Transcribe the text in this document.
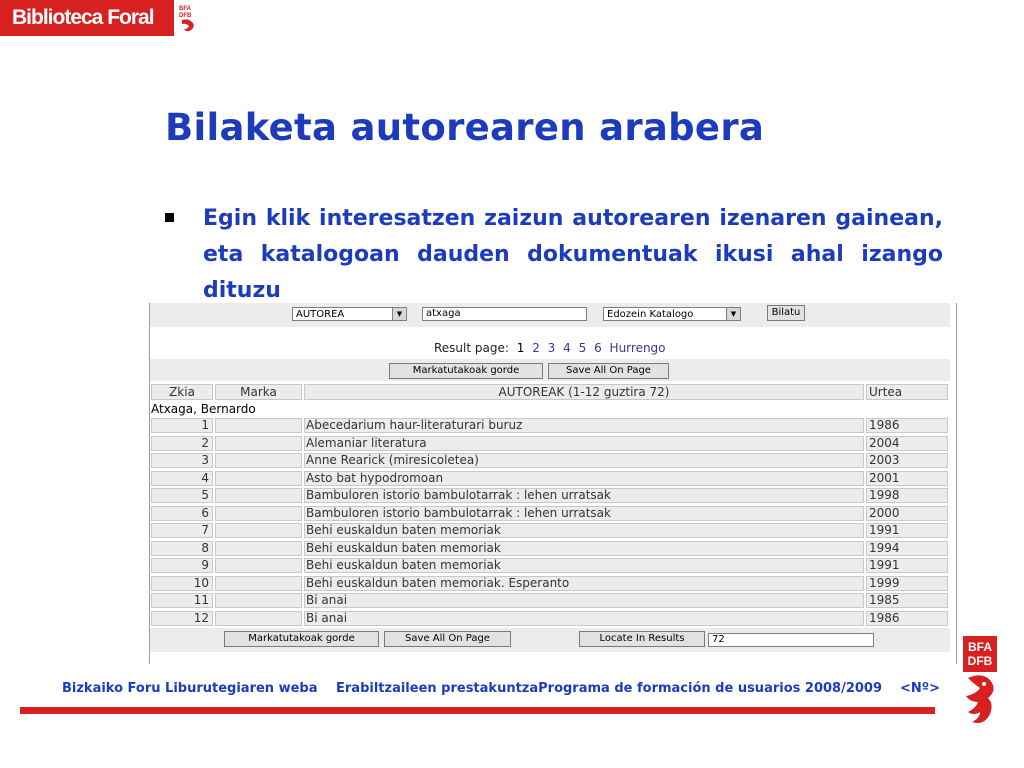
Biblioteca Foral	BFA
DFB
Bilaketa autorearen arabera

Egin klik interesatzen zaizun autorearen izenaren gainean, eta katalogoan dauden dokumentuak ikusi ahal izango dituzu

AUTOREA	▼	atxaga	Edozein Katalogo	▼	Bilatu
Result page: 1 2 3 4 5 6 Hurrengo
Markatutakoak gorde	Save All On Page
Zkia	Marka	AUTOREAK (1-12 guztira 72)	Urtea
Atxaga, Bernardo
1	Abecedarium haur-literaturari buruz	1986
2	Alemaniar literatura	2004
3	Anne Rearick (miresicoletea)	2003
4	Asto bat hypodromoan	2001
5	Bambuloren istorio bambulotarrak : lehen urratsak	1998
6	Bambuloren istorio bambulotarrak : lehen urratsak	2000
7	Behi euskaldun baten memoriak	1991
8	Behi euskaldun baten memoriak	1994
9	Behi euskaldun baten memoriak	1991
10	Behi euskaldun baten memoriak. Esperanto	1999
11	Bi anai	1985
12	Bi anai	1986
Markatutakoak gorde	Save All On Page	Locate In Results	72
Bizkaiko Foru Liburutegiaren weba Erabiltzaileen prestakuntzaPrograma de formación de usuarios 2008/2009 <Nº>
BFA
DFB
